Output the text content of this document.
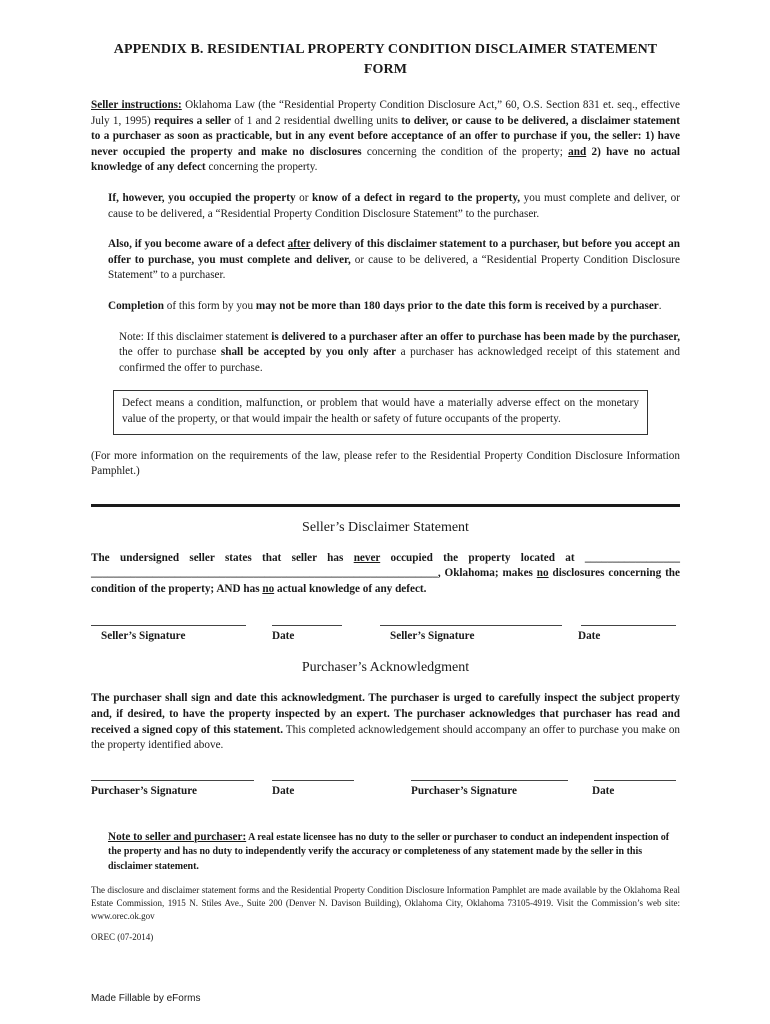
APPENDIX B. RESIDENTIAL PROPERTY CONDITION DISCLAIMER STATEMENT FORM

Seller instructions: Oklahoma Law (the “Residential Property Condition Disclosure Act,” 60, O.S. Section 831 et. seq., effective July 1, 1995) requires a seller of 1 and 2 residential dwelling units to deliver, or cause to be delivered, a disclaimer statement to a purchaser as soon as practicable, but in any event before acceptance of an offer to purchase if you, the seller: 1) have never occupied the property and make no disclosures concerning the condition of the property; and 2) have no actual knowledge of any defect concerning the property.

If, however, you occupied the property or know of a defect in regard to the property, you must complete and deliver, or cause to be delivered, a “Residential Property Condition Disclosure Statement” to the purchaser.

Also, if you become aware of a defect after delivery of this disclaimer statement to a purchaser, but before you accept an offer to purchase, you must complete and deliver, or cause to be delivered, a “Residential Property Condition Disclosure Statement” to a purchaser.

Completion of this form by you may not be more than 180 days prior to the date this form is received by a purchaser.

Note: If this disclaimer statement is delivered to a purchaser after an offer to purchase has been made by the purchaser, the offer to purchase shall be accepted by you only after a purchaser has acknowledged receipt of this statement and confirmed the offer to purchase.

Defect means a condition, malfunction, or problem that would have a materially adverse effect on the monetary value of the property, or that would impair the health or safety of future occupants of the property.

(For more information on the requirements of the law, please refer to the Residential Property Condition Disclosure Information Pamphlet.)

Seller’s Disclaimer Statement

The undersigned seller states that seller has never occupied the property located at _________________ ______________________________________________________________, Oklahoma; makes no disclosures concerning the condition of the property; AND has no actual knowledge of any defect.

Seller’s Signature	Date	Seller’s Signature	Date
Purchaser’s Acknowledgment

The purchaser shall sign and date this acknowledgment. The purchaser is urged to carefully inspect the subject property and, if desired, to have the property inspected by an expert. The purchaser acknowledges that purchaser has read and received a signed copy of this statement. This completed acknowledgement should accompany an offer to purchase you make on the property identified above.

Purchaser’s Signature	Date	Purchaser’s Signature	Date

Note to seller and purchaser: A real estate licensee has no duty to the seller or purchaser to conduct an independent inspection of the property and has no duty to independently verify the accuracy or completeness of any statement made by the seller in this disclaimer statement.

The disclosure and disclaimer statement forms and the Residential Property Condition Disclosure Information Pamphlet are made available by the Oklahoma Real Estate Commission, 1915 N. Stiles Ave., Suite 200 (Denver N. Davison Building), Oklahoma City, Oklahoma 73105-4919. Visit the Commission’s web site: www.orec.ok.gov

OREC (07-2014)

Made Fillable by eForms
